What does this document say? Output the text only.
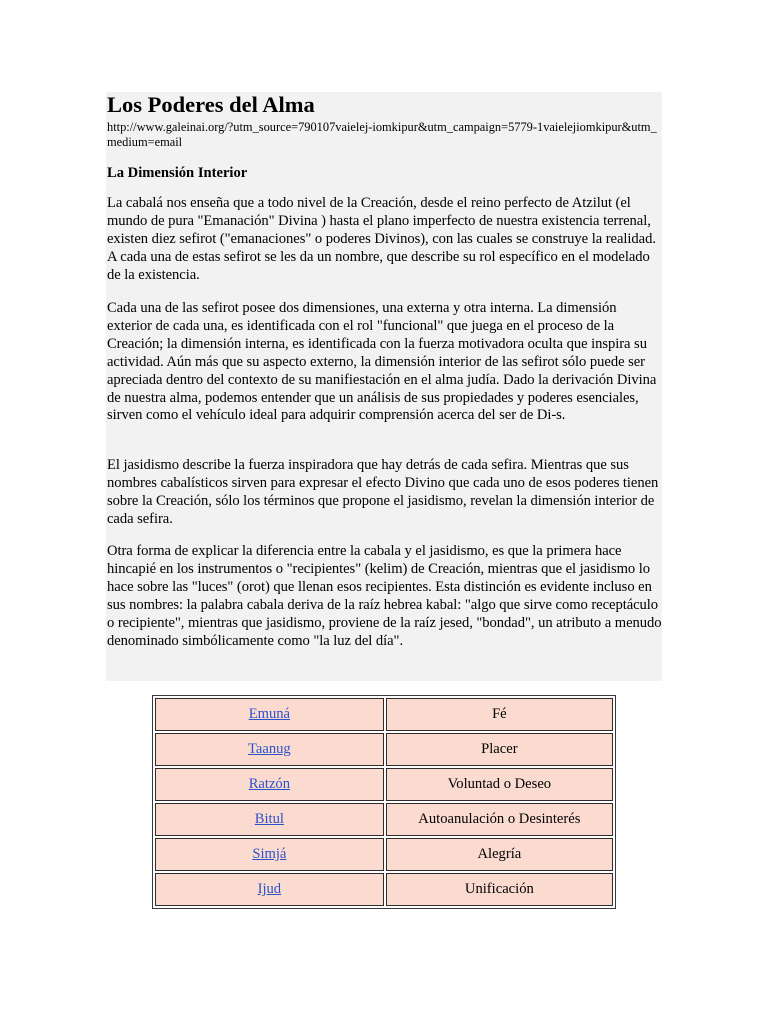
Los Poderes del Alma

http://www.galeinai.org/?utm_source=790107vaielej-iomkipur&utm_campaign=5779-1vaielejiomkipur&utm_medium=email

La Dimensión Interior

La cabalá nos enseña que a todo nivel de la Creación, desde el reino perfecto de Atzilut (el mundo de pura "Emanación" Divina ) hasta el plano imperfecto de nuestra existencia terrenal, existen diez sefirot ("emanaciones" o poderes Divinos), con las cuales se construye la realidad. A cada una de estas sefirot se les da un nombre, que describe su rol específico en el modelado de la existencia.

Cada una de las sefirot posee dos dimensiones, una externa y otra interna. La dimensión exterior de cada una, es identificada con el rol "funcional" que juega en el proceso de la Creación; la dimensión interna, es identificada con la fuerza motivadora oculta que inspira su actividad. Aún más que su aspecto externo, la dimensión interior de las sefirot sólo puede ser apreciada dentro del contexto de su manifiestación en el alma judía. Dado la derivación Divina de nuestra alma, podemos entender que un análisis de sus propiedades y poderes esenciales, sirven como el vehículo ideal para adquirir comprensión acerca del ser de Di-s.

El jasidismo describe la fuerza inspiradora que hay detrás de cada sefira. Mientras que sus nombres cabalísticos sirven para expresar el efecto Divino que cada uno de esos poderes tienen sobre la Creación, sólo los términos que propone el jasidismo, revelan la dimensión interior de cada sefira.

Otra forma de explicar la diferencia entre la cabala y el jasidismo, es que la primera hace hincapié en los instrumentos o "recipientes" (kelim) de Creación, mientras que el jasidismo lo hace sobre las "luces" (orot) que llenan esos recipientes. Esta distinción es evidente incluso en sus nombres: la palabra cabala deriva de la raíz hebrea kabal: "algo que sirve como receptáculo o recipiente", mientras que jasidismo, proviene de la raíz jesed, "bondad", un atributo a menudo denominado simbólicamente como "la luz del día".

Emuná	Fé
Taanug	Placer
Ratzón	Voluntad o Deseo
Bitul	Autoanulación o Desinterés
Simjá	Alegría
Ijud	Unificación
